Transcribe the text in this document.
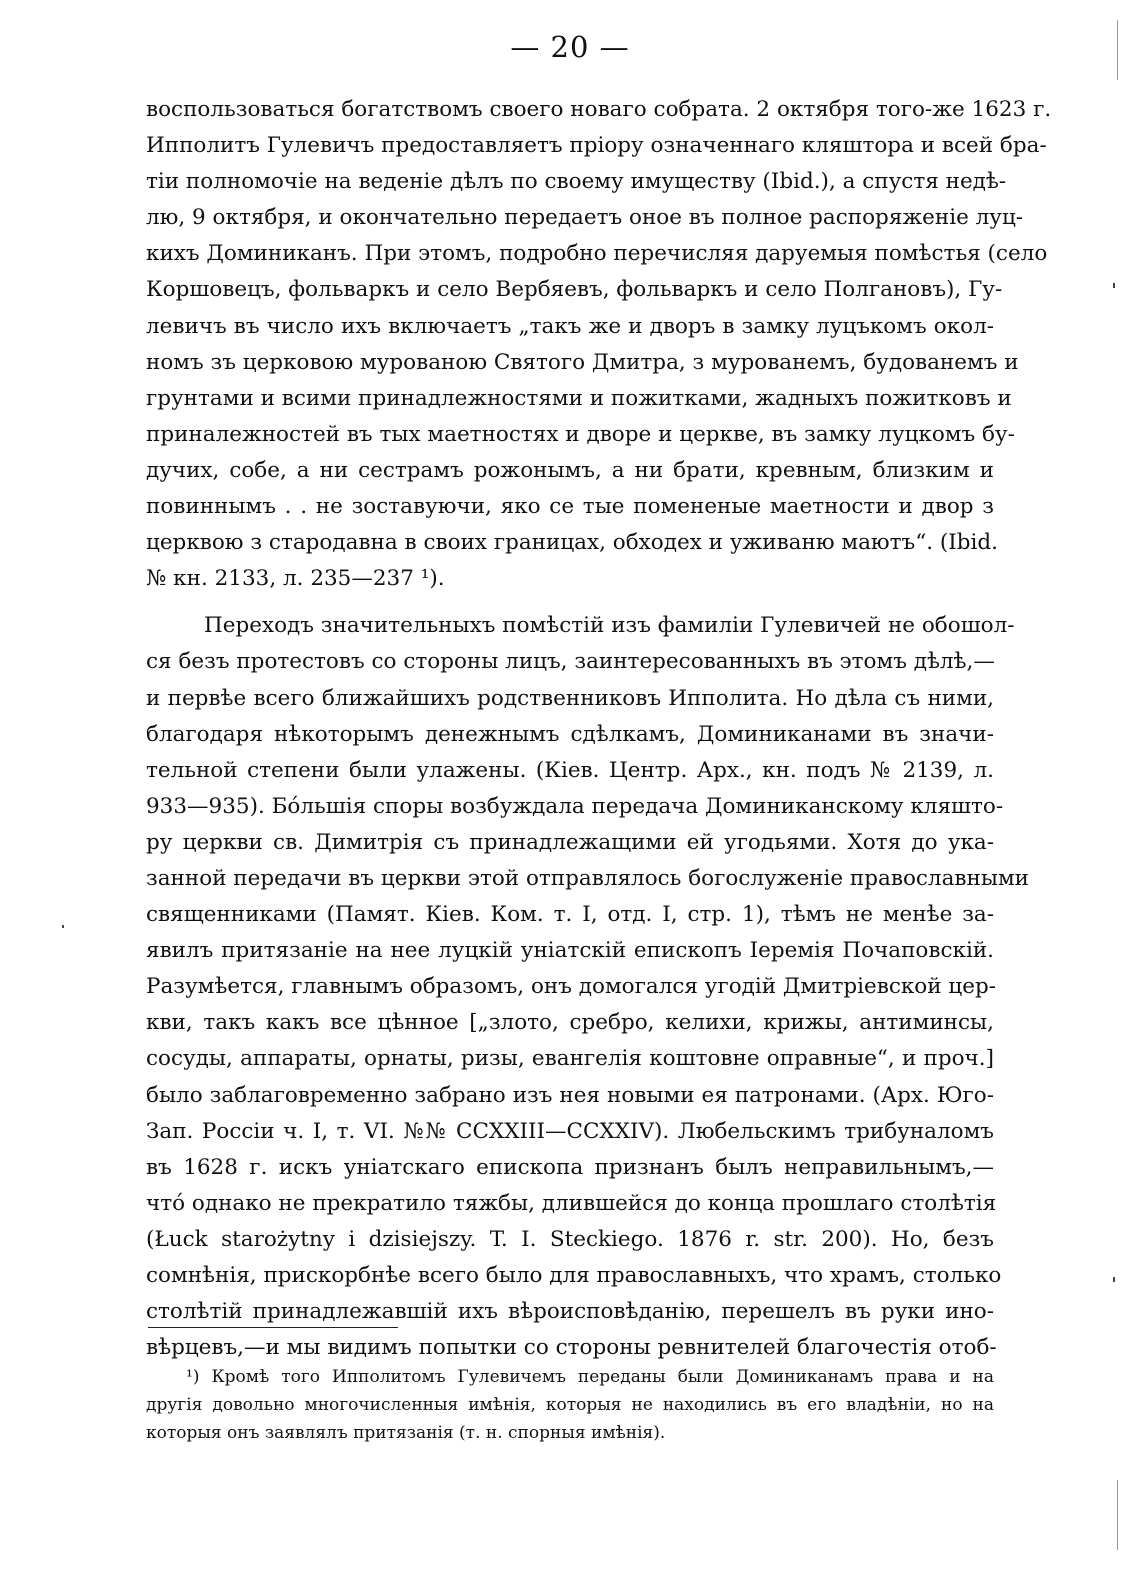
— 20 —
воспользоваться богатствомъ своего новаго собрата. 2 октября того-же 1623 г.
Ипполитъ Гулевичъ предоставляетъ пріору означеннаго кляштора и всей бра-
тіи полномочіе на веденіе дѣлъ по своему имуществу (Ibid.), а спустя недѣ-
лю, 9 октября, и окончательно передаетъ оное въ полное распоряженіе луц-
кихъ Доминиканъ. При этомъ, подробно перечисляя даруемыя помѣстья (село
Коршовецъ, фольваркъ и село Вербяевъ, фольваркъ и село Полгановъ), Гу-
левичъ въ число ихъ включаетъ „такъ же и дворъ в замку луцъкомъ окол-
номъ зъ церковою мурованою Святого Дмитра, з мурованемъ, будованемъ и
грунтами и всими принадлежностями и пожитками, жадныхъ пожитковъ и
приналежностей въ тых маетностях и дворе и церкве, въ замку луцкомъ бу-
дучих, собе, а ни сестрамъ рожонымъ, а ни брати, кревным, близким и
повиннымъ . . не зоставуючи, яко се тые помененые маетности и двор з
церквою з стародавна в своих границах, обходех и уживаню маютъ“. (Ibid.
№ кн. 2133, л. 235—237 ¹).
Переходъ значительныхъ помѣстій изъ фамиліи Гулевичей не обошол-
ся безъ протестовъ со стороны лицъ, заинтересованныхъ въ этомъ дѣлѣ,—
и первѣе всего ближайшихъ родственниковъ Ипполита. Но дѣла съ ними,
благодаря нѣкоторымъ денежнымъ сдѣлкамъ, Доминиканами въ значи-
тельной степени были улажены. (Кіев. Центр. Арх., кн. подъ № 2139, л.
933—935). Бóльшія споры возбуждала передача Доминиканскому кляшто-
ру церкви св. Димитрія съ принадлежащими ей угодьями. Хотя до ука-
занной передачи въ церкви этой отправлялось богослуженіе православными
священниками (Памят. Кіев. Ком. т. I, отд. I, стр. 1), тѣмъ не менѣе за-
явилъ притязаніе на нее луцкій уніатскій епископъ Іеремія Почаповскій.
Разумѣется, главнымъ образомъ, онъ домогался угодій Дмитріевской цер-
кви, такъ какъ все цѣнное [„злото, сребро, келихи, крижы, антиминсы,
сосуды, аппараты, орнаты, ризы, евангелія коштовне оправные“, и проч.]
было заблаговременно забрано изъ нея новыми ея патронами. (Арх. Юго-
Зап. Россіи ч. I, т. VI. №№ CCXXIII—CCXXIV). Любельскимъ трибуналомъ
въ 1628 г. искъ уніатскаго епископа признанъ былъ неправильнымъ,—
чтó однако не прекратило тяжбы, длившейся до конца прошлаго столѣтія
(Łuck starożytny i dzisiejszy. T. I. Steckiego. 1876 r. str. 200). Но, безъ
сомнѣнія, прискорбнѣе всего было для православныхъ, что храмъ, столько
столѣтій принадлежавшій ихъ вѣроисповѣданію, перешелъ въ руки ино-
вѣрцевъ,—и мы видимъ попытки со стороны ревнителей благочестія отоб-
¹) Кромѣ того Ипполитомъ Гулевичемъ переданы были Доминиканамъ права и на
другія довольно многочисленныя имѣнія, которыя не находились въ его владѣніи, но на
которыя онъ заявлялъ притязанія (т. н. спорныя имѣнія).
